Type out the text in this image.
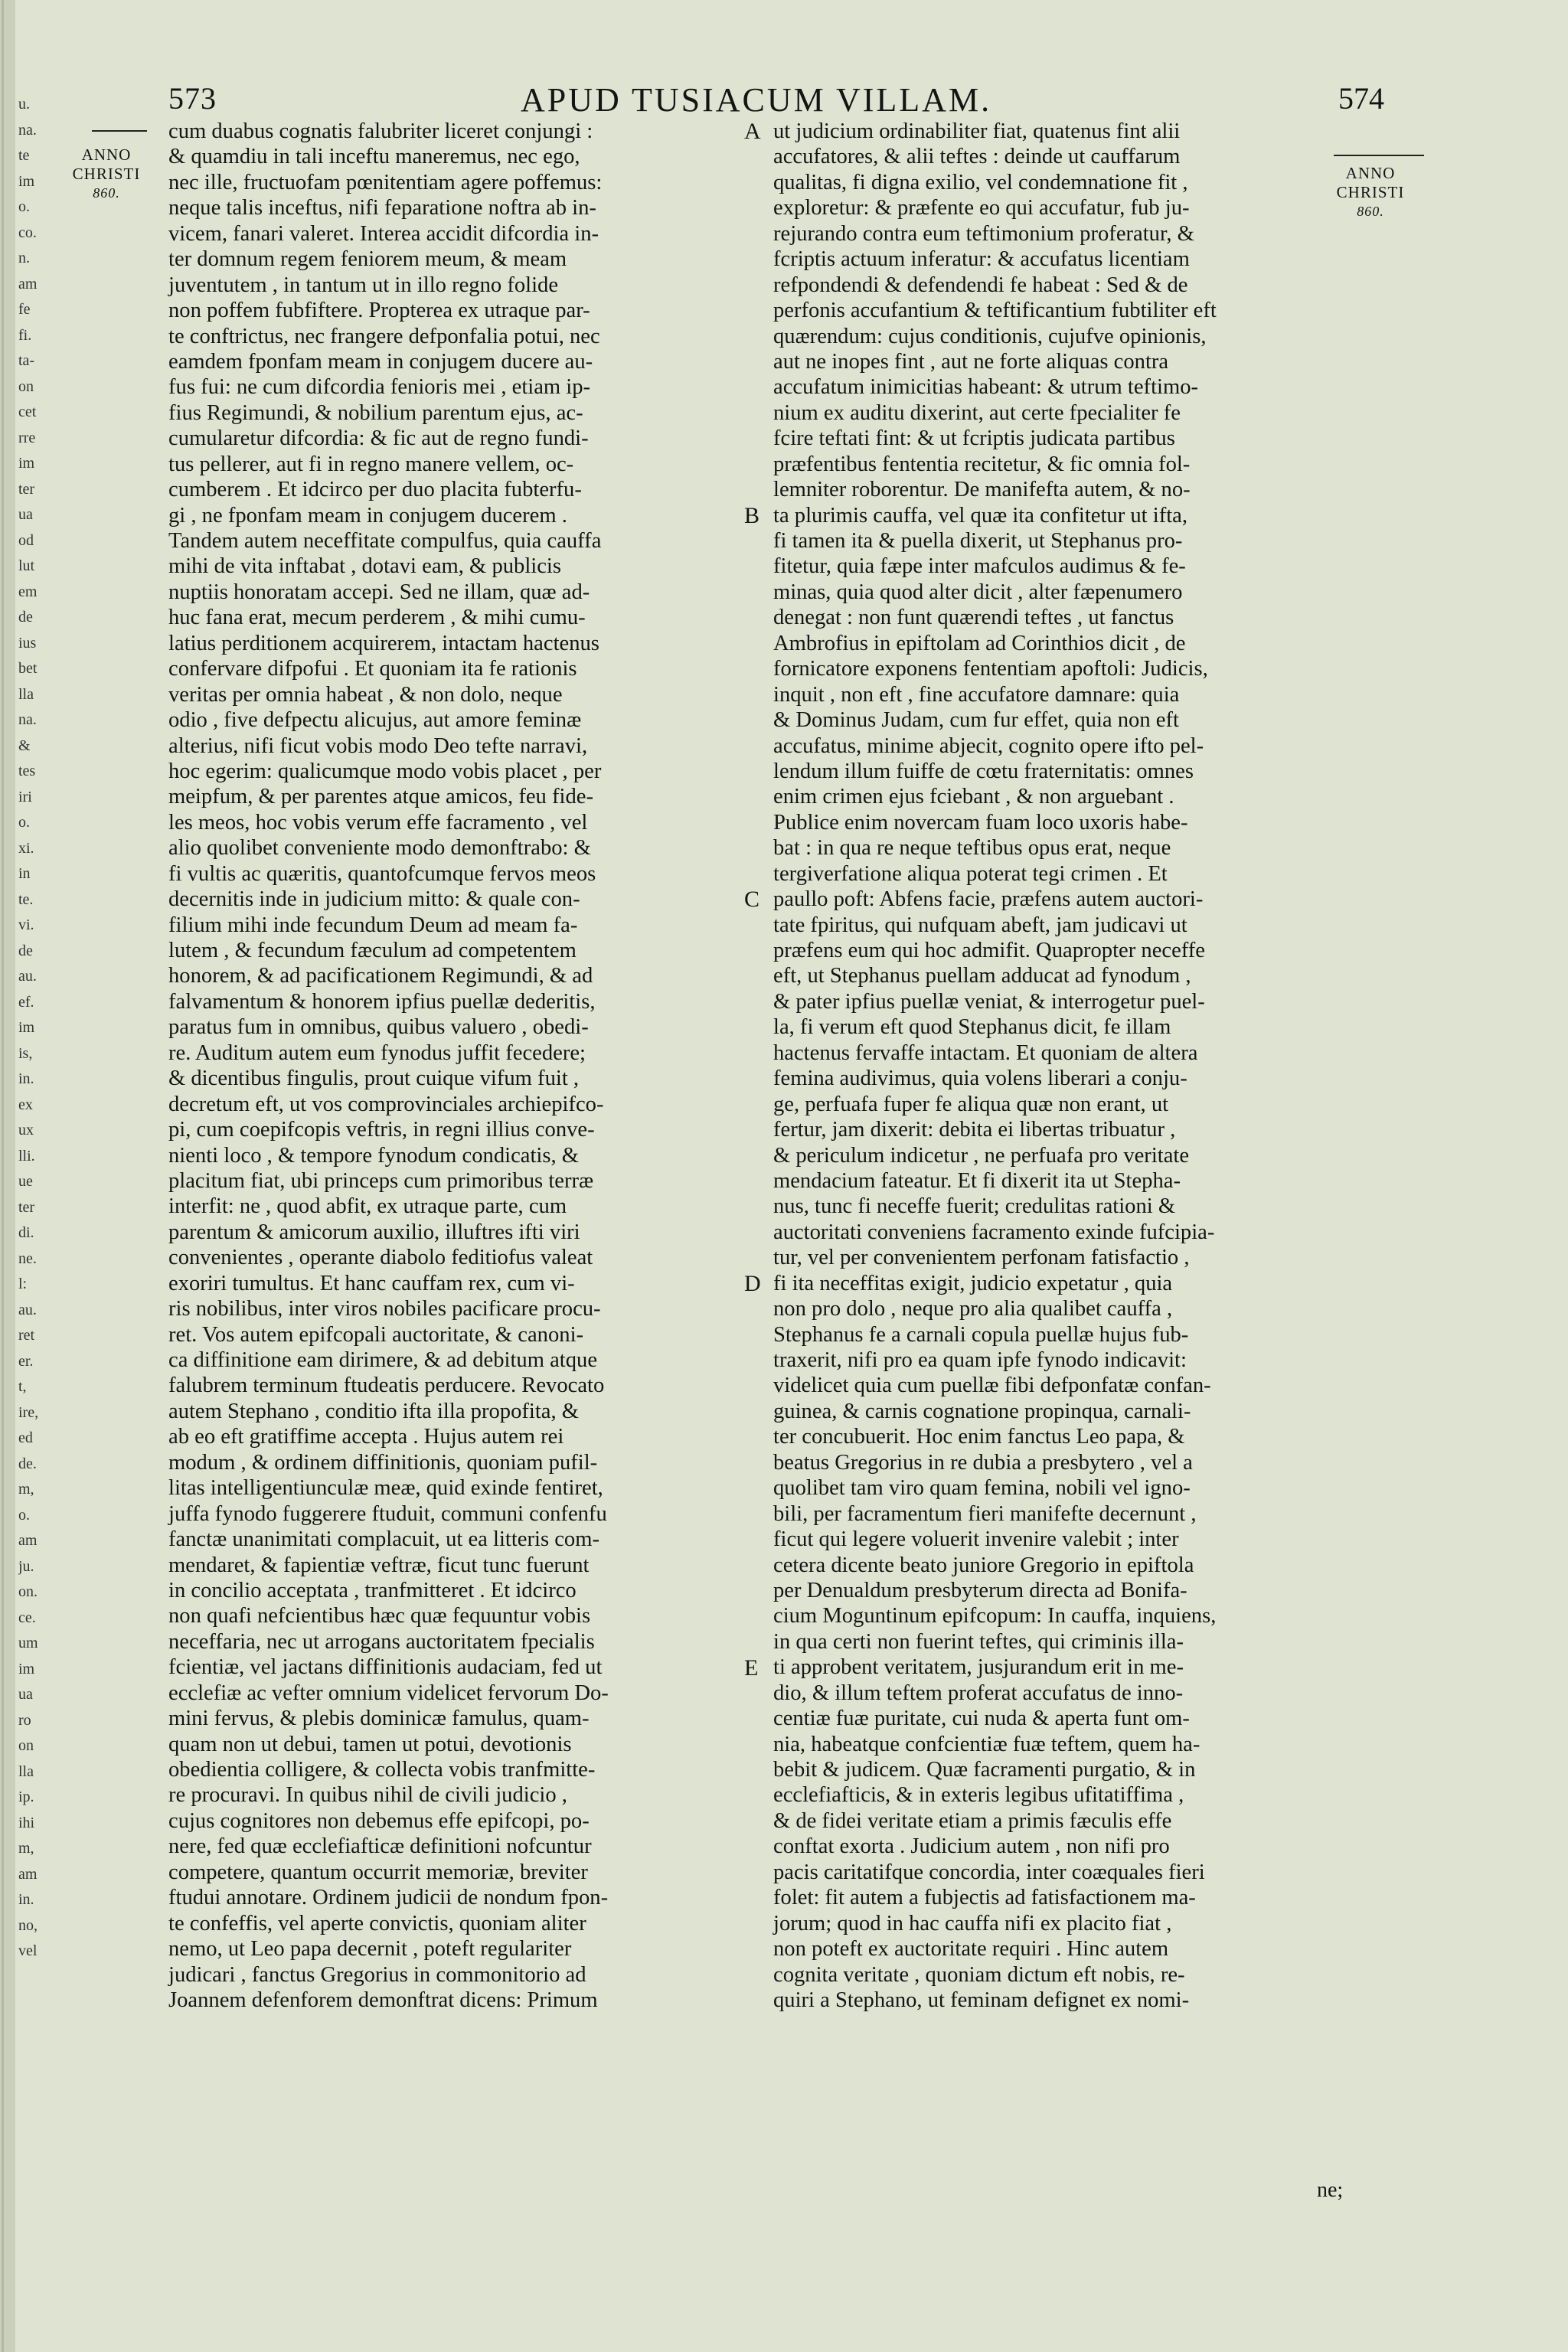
u.
na.
te
im
o.
co.
n.
am
fe
fi.
ta-
on
cet
rre
im
ter
ua
od
lut
em
de
ius
bet
lla
na.
&
tes
iri
o.
xi.
in
te.
vi.
de
au.
ef.
im
is,
in.
ex
ux
lli.
ue
ter
di.
ne.
l:
au.
ret
er.
t,
ire,
ed
de.
m,
o.
am
ju.
on.
ce.
um
im
ua
ro
on
lla
ip.
ihi
m,
am
in.
no,
vel
573	APUD TUSIACUM VILLAM.	574
ANNO
CHRISTI
860.
ANNO
CHRISTI
860.
cum duabus cognatis falubriter liceret conjungi :
& quamdiu in tali inceftu maneremus, nec ego,
nec ille, fructuofam pœnitentiam agere poffemus:
neque talis inceftus, nifi feparatione noftra ab in-
vicem, fanari valeret. Interea accidit difcordia in-
ter domnum regem feniorem meum, & meam
juventutem , in tantum ut in illo regno folide
non poffem fubfiftere. Propterea ex utraque par-
te conftrictus, nec frangere defponfalia potui, nec
eamdem fponfam meam in conjugem ducere au-
fus fui: ne cum difcordia fenioris mei , etiam ip-
fius Regimundi, & nobilium parentum ejus, ac-
cumularetur difcordia: & fic aut de regno fundi-
tus pellerer, aut fi in regno manere vellem, oc-
cumberem . Et idcirco per duo placita fubterfu-
gi , ne fponfam meam in conjugem ducerem .
Tandem autem neceffitate compulfus, quia cauffa
mihi de vita inftabat , dotavi eam, & publicis
nuptiis honoratam accepi. Sed ne illam, quæ ad-
huc fana erat, mecum perderem , & mihi cumu-
latius perditionem acquirerem, intactam hactenus
confervare difpofui . Et quoniam ita fe rationis
veritas per omnia habeat , & non dolo, neque
odio , five defpectu alicujus, aut amore feminæ
alterius, nifi ficut vobis modo Deo tefte narravi,
hoc egerim: qualicumque modo vobis placet , per
meipfum, & per parentes atque amicos, feu fide-
les meos, hoc vobis verum effe facramento , vel
alio quolibet conveniente modo demonftrabo: &
fi vultis ac quæritis, quantofcumque fervos meos
decernitis inde in judicium mitto: & quale con-
filium mihi inde fecundum Deum ad meam fa-
lutem , & fecundum fæculum ad competentem
honorem, & ad pacificationem Regimundi, & ad
falvamentum & honorem ipfius puellæ dederitis,
paratus fum in omnibus, quibus valuero , obedi-
re. Auditum autem eum fynodus juffit fecedere;
& dicentibus fingulis, prout cuique vifum fuit ,
decretum eft, ut vos comprovinciales archiepifco-
pi, cum coepifcopis veftris, in regni illius conve-
nienti loco , & tempore fynodum condicatis, &
placitum fiat, ubi princeps cum primoribus terræ
interfit: ne , quod abfit, ex utraque parte, cum
parentum & amicorum auxilio, illuftres ifti viri
convenientes , operante diabolo feditiofus valeat
exoriri tumultus. Et hanc cauffam rex, cum vi-
ris nobilibus, inter viros nobiles pacificare procu-
ret. Vos autem epifcopali auctoritate, & canoni-
ca diffinitione eam dirimere, & ad debitum atque
falubrem terminum ftudeatis perducere. Revocato
autem Stephano , conditio ifta illa propofita, &
ab eo eft gratiffime accepta . Hujus autem rei
modum , & ordinem diffinitionis, quoniam pufil-
litas intelligentiunculæ meæ, quid exinde fentiret,
juffa fynodo fuggerere ftuduit, communi confenfu
fanctæ unanimitati complacuit, ut ea litteris com-
mendaret, & fapientiæ veftræ, ficut tunc fuerunt
in concilio acceptata , tranfmitteret . Et idcirco
non quafi nefcientibus hæc quæ fequuntur vobis
neceffaria, nec ut arrogans auctoritatem fpecialis
fcientiæ, vel jactans diffinitionis audaciam, fed ut
ecclefiæ ac vefter omnium videlicet fervorum Do-
mini fervus, & plebis dominicæ famulus, quam-
quam non ut debui, tamen ut potui, devotionis
obedientia colligere, & collecta vobis tranfmitte-
re procuravi. In quibus nihil de civili judicio ,
cujus cognitores non debemus effe epifcopi, po-
nere, fed quæ ecclefiafticæ definitioni nofcuntur
competere, quantum occurrit memoriæ, breviter
ftudui annotare. Ordinem judicii de nondum fpon-
te confeffis, vel aperte convictis, quoniam aliter
nemo, ut Leo papa decernit , poteft regulariter
judicari , fanctus Gregorius in commonitorio ad
Joannem defenforem demonftrat dicens: Primum
ut judicium ordinabiliter fiat, quatenus fint alii
accufatores, & alii teftes : deinde ut cauffarum
qualitas, fi digna exilio, vel condemnatione fit ,
exploretur: & præfente eo qui accufatur, fub ju-
rejurando contra eum teftimonium proferatur, &
fcriptis actuum inferatur: & accufatus licentiam
refpondendi & defendendi fe habeat : Sed & de
perfonis accufantium & teftificantium fubtiliter eft
quærendum: cujus conditionis, cujufve opinionis,
aut ne inopes fint , aut ne forte aliquas contra
accufatum inimicitias habeant: & utrum teftimo-
nium ex auditu dixerint, aut certe fpecialiter fe
fcire teftati fint: & ut fcriptis judicata partibus
præfentibus fententia recitetur, & fic omnia fol-
lemniter roborentur. De manifefta autem, & no-
ta plurimis cauffa, vel quæ ita confitetur ut ifta,
fi tamen ita & puella dixerit, ut Stephanus pro-
fitetur, quia fæpe inter mafculos audimus & fe-
minas, quia quod alter dicit , alter fæpenumero
denegat : non funt quærendi teftes , ut fanctus
Ambrofius in epiftolam ad Corinthios dicit , de
fornicatore exponens fententiam apoftoli: Judicis,
inquit , non eft , fine accufatore damnare: quia
& Dominus Judam, cum fur effet, quia non eft
accufatus, minime abjecit, cognito opere ifto pel-
lendum illum fuiffe de cœtu fraternitatis: omnes
enim crimen ejus fciebant , & non arguebant .
Publice enim novercam fuam loco uxoris habe-
bat : in qua re neque teftibus opus erat, neque
tergiverfatione aliqua poterat tegi crimen . Et
paullo poft: Abfens facie, præfens autem auctori-
tate fpiritus, qui nufquam abeft, jam judicavi ut
præfens eum qui hoc admifit. Quapropter neceffe
eft, ut Stephanus puellam adducat ad fynodum ,
& pater ipfius puellæ veniat, & interrogetur puel-
la, fi verum eft quod Stephanus dicit, fe illam
hactenus fervaffe intactam. Et quoniam de altera
femina audivimus, quia volens liberari a conju-
ge, perfuafa fuper fe aliqua quæ non erant, ut
fertur, jam dixerit: debita ei libertas tribuatur ,
& periculum indicetur , ne perfuafa pro veritate
mendacium fateatur. Et fi dixerit ita ut Stepha-
nus, tunc fi neceffe fuerit; credulitas rationi &
auctoritati conveniens facramento exinde fufcipia-
tur, vel per convenientem perfonam fatisfactio ,
fi ita neceffitas exigit, judicio expetatur , quia
non pro dolo , neque pro alia qualibet cauffa ,
Stephanus fe a carnali copula puellæ hujus fub-
traxerit, nifi pro ea quam ipfe fynodo indicavit:
videlicet quia cum puellæ fibi defponfatæ confan-
guinea, & carnis cognatione propinqua, carnali-
ter concubuerit. Hoc enim fanctus Leo papa, &
beatus Gregorius in re dubia a presbytero , vel a
quolibet tam viro quam femina, nobili vel igno-
bili, per facramentum fieri manifefte decernunt ,
ficut qui legere voluerit invenire valebit ; inter
cetera dicente beato juniore Gregorio in epiftola
per Denualdum presbyterum directa ad Bonifa-
cium Moguntinum epifcopum: In cauffa, inquiens,
in qua certi non fuerint teftes, qui criminis illa-
ti approbent veritatem, jusjurandum erit in me-
dio, & illum teftem proferat accufatus de inno-
centiæ fuæ puritate, cui nuda & aperta funt om-
nia, habeatque confcientiæ fuæ teftem, quem ha-
bebit & judicem. Quæ facramenti purgatio, & in
ecclefiafticis, & in exteris legibus ufitatiffima ,
& de fidei veritate etiam a primis fæculis effe
conftat exorta . Judicium autem , non nifi pro
pacis caritatifque concordia, inter coæquales fieri
folet: fit autem a fubjectis ad fatisfactionem ma-
jorum; quod in hac cauffa nifi ex placito fiat ,
non poteft ex auctoritate requiri . Hinc autem
cognita veritate , quoniam dictum eft nobis, re-
quiri a Stephano, ut feminam defignet ex nomi-
A
B
C
D
E
ne;
